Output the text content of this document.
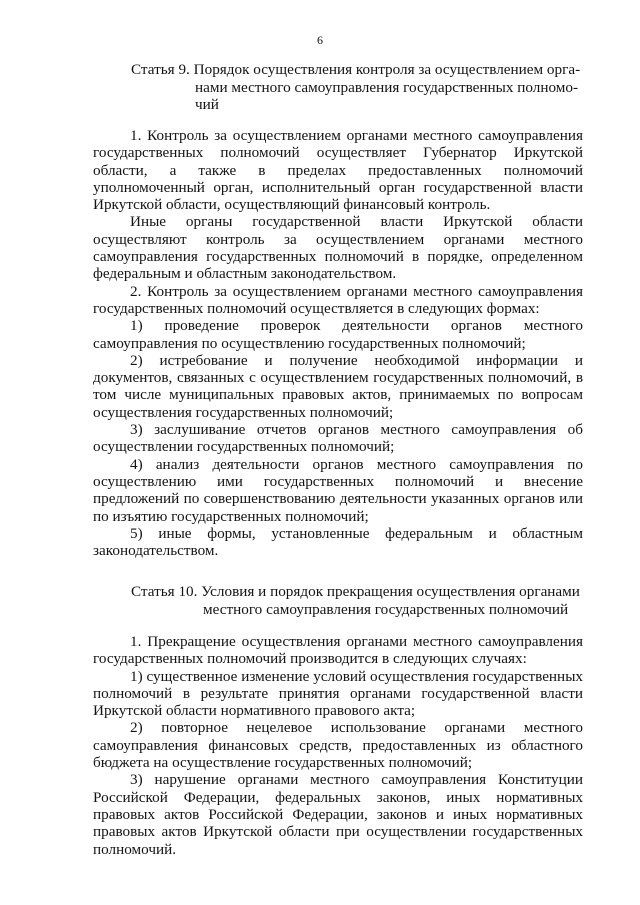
6
Статья 9. Порядок осуществления контроля за осуществлением орга-
нами местного самоуправления государственных полномо-
чий

1. Контроль за осуществлением органами местного самоуправления государственных полномочий осуществляет Губернатор Иркутской области, а также в пределах предоставленных полномочий уполномоченный орган, исполнительный орган государственной власти Иркутской области, осуществляющий финансовый контроль.

Иные органы государственной власти Иркутской области осуществляют контроль за осуществлением органами местного самоуправления государственных полномочий в порядке, определенном федеральным и областным законодательством.

2. Контроль за осуществлением органами местного самоуправления государственных полномочий осуществляется в следующих формах:

1) проведение проверок деятельности органов местного самоуправления по осуществлению государственных полномочий;

2) истребование и получение необходимой информации и документов, связанных с осуществлением государственных полномочий, в том числе муниципальных правовых актов, принимаемых по вопросам осуществления государственных полномочий;

3) заслушивание отчетов органов местного самоуправления об осуществлении государственных полномочий;

4) анализ деятельности органов местного самоуправления по осуществлению ими государственных полномочий и внесение предложений по совершенствованию деятельности указанных органов или по изъятию государственных полномочий;

5) иные формы, установленные федеральным и областным законодательством.

Статья 10. Условия и порядок прекращения осуществления органами
местного самоуправления государственных полномочий

1. Прекращение осуществления органами местного самоуправления государственных полномочий производится в следующих случаях:

1) существенное изменение условий осуществления государственных полномочий в результате принятия органами государственной власти Иркутской области нормативного правового акта;

2) повторное нецелевое использование органами местного самоуправления финансовых средств, предоставленных из областного бюджета на осуществление государственных полномочий;

3) нарушение органами местного самоуправления Конституции Российской Федерации, федеральных законов, иных нормативных правовых актов Российской Федерации, законов и иных нормативных правовых актов Иркутской области при осуществлении государственных полномочий.
